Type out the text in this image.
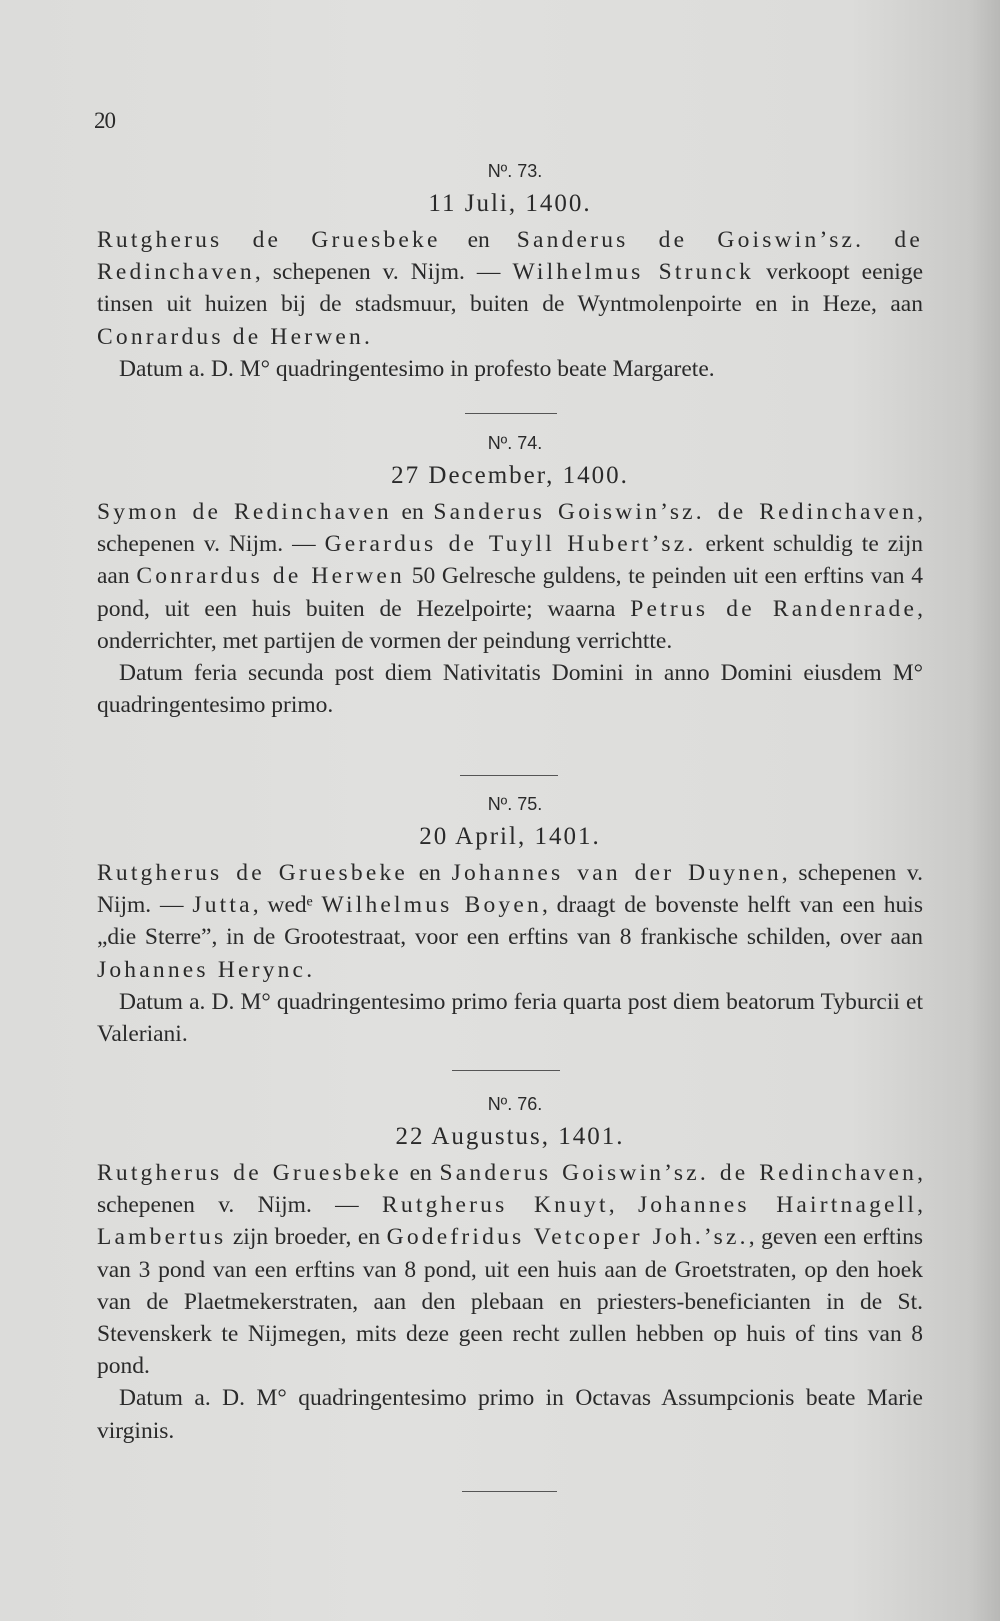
20
Nº. 73.
11 Juli, 1400.
Rutgherus de Gruesbeke en Sanderus de Goiswin’sz. de Redinchaven, schepenen v. Nijm. — Wilhelmus Strunck verkoopt eenige tinsen uit huizen bij de stadsmuur, buiten de Wyntmolenpoirte en in Heze, aan Conrardus de Herwen.
Datum a. D. M° quadringentesimo in profesto beate Margarete.
Nº. 74.
27 December, 1400.
Symon de Redinchaven en Sanderus Goiswin’sz. de Redinchaven, schepenen v. Nijm. — Gerardus de Tuyll Hubert’sz. erkent schuldig te zijn aan Conrardus de Herwen 50 Gelresche guldens, te peinden uit een erftins van 4 pond, uit een huis buiten de Hezelpoirte; waarna Petrus de Randenrade, onderrichter, met partijen de vormen der peindung verrichtte.
Datum feria secunda post diem Nativitatis Domini in anno Domini eiusdem M° quadringentesimo primo.
Nº. 75.
20 April, 1401.
Rutgherus de Gruesbeke en Johannes van der Duynen, schepenen v. Nijm. — Jutta, wedᵉ Wilhelmus Boyen, draagt de bovenste helft van een huis „die Sterre”, in de Grootestraat, voor een erftins van 8 frankische schilden, over aan Johannes Herync.
Datum a. D. M° quadringentesimo primo feria quarta post diem beatorum Tyburcii et Valeriani.
Nº. 76.
22 Augustus, 1401.
Rutgherus de Gruesbeke en Sanderus Goiswin’sz. de Redinchaven, schepenen v. Nijm. — Rutgherus Knuyt, Johannes Hairtnagell, Lambertus zijn broeder, en Godefridus Vetcoper Joh.’sz., geven een erftins van 3 pond van een erftins van 8 pond, uit een huis aan de Groetstraten, op den hoek van de Plaetmekerstraten, aan den plebaan en priesters-beneficianten in de St. Stevenskerk te Nijmegen, mits deze geen recht zullen hebben op huis of tins van 8 pond.
Datum a. D. M° quadringentesimo primo in Octavas Assumpcionis beate Marie virginis.
